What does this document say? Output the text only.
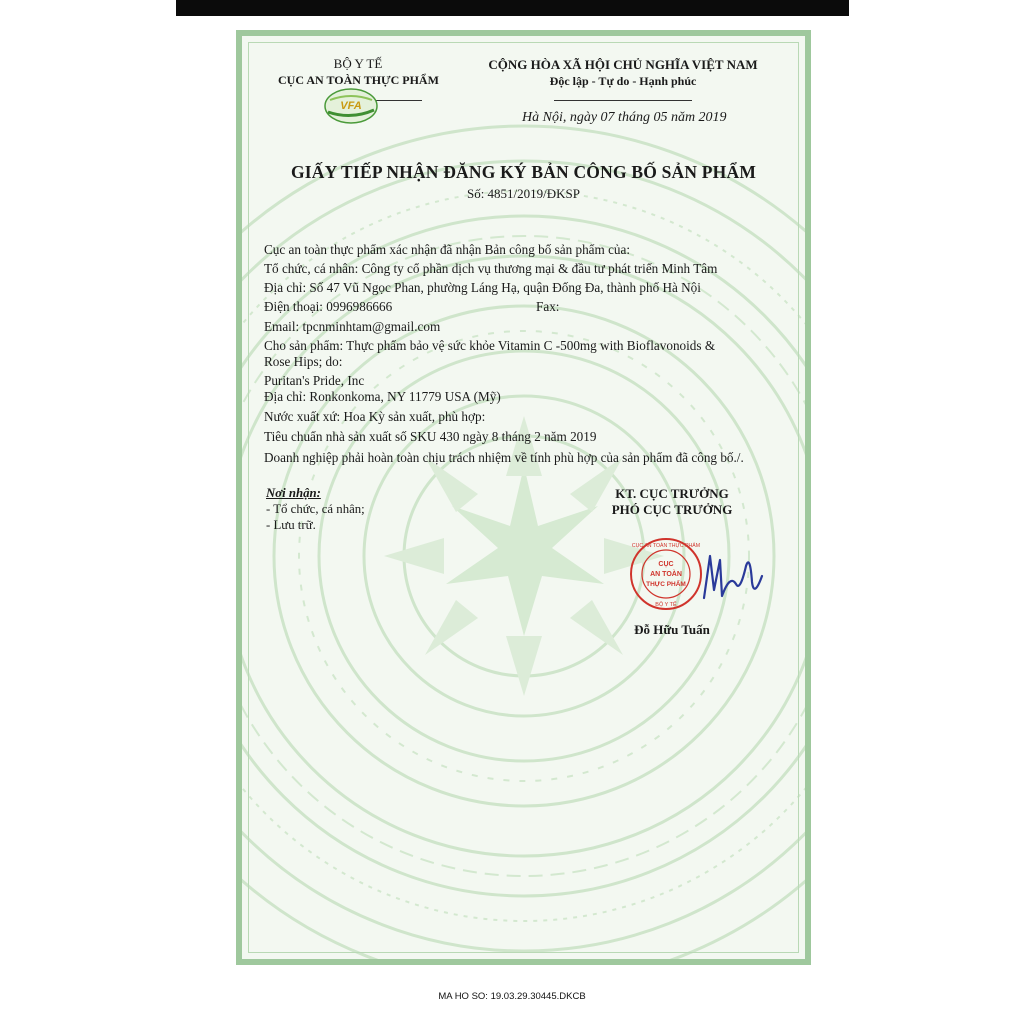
BỘ Y TẾ
CỤC AN TOÀN THỰC PHẨM
VFA
CỘNG HÒA XÃ HỘI CHỦ NGHĨA VIỆT NAM
Độc lập - Tự do - Hạnh phúc
Hà Nội, ngày 07 tháng 05 năm 2019
GIẤY TIẾP NHẬN ĐĂNG KÝ BẢN CÔNG BỐ SẢN PHẨM
Số: 4851/2019/ĐKSP
Cục an toàn thực phẩm xác nhận đã nhận Bản công bố sản phẩm của:
Tổ chức, cá nhân: Công ty cổ phần dịch vụ thương mại & đầu tư phát triển Minh Tâm
Địa chỉ: Số 47 Vũ Ngọc Phan, phường Láng Hạ, quận Đống Đa, thành phố Hà Nội
Điện thoại: 0996986666	Fax:
Email: tpcnminhtam@gmail.com
Cho sản phẩm: Thực phẩm bảo vệ sức khỏe Vitamin C -500mg with Bioflavonoids &
Rose Hips; do:
Puritan's Pride, Inc
Địa chỉ: Ronkonkoma, NY 11779 USA (Mỹ)
Nước xuất xứ: Hoa Kỳ sản xuất, phù hợp:
Tiêu chuẩn nhà sản xuất số SKU 430 ngày 8 tháng 2 năm 2019
Doanh nghiệp phải hoàn toàn chịu trách nhiệm về tính phù hợp của sản phẩm đã công bố./.
Nơi nhận:
- Tổ chức, cá nhân;
- Lưu trữ.
KT. CỤC TRƯỞNG
PHÓ CỤC TRƯỞNG
CỤC AN TOÀN THỰC PHẨM
CỤC
AN TOÀN
THỰC PHẨM
BỘ Y TẾ
Đỗ Hữu Tuấn
MA HO SO: 19.03.29.30445.DKCB
